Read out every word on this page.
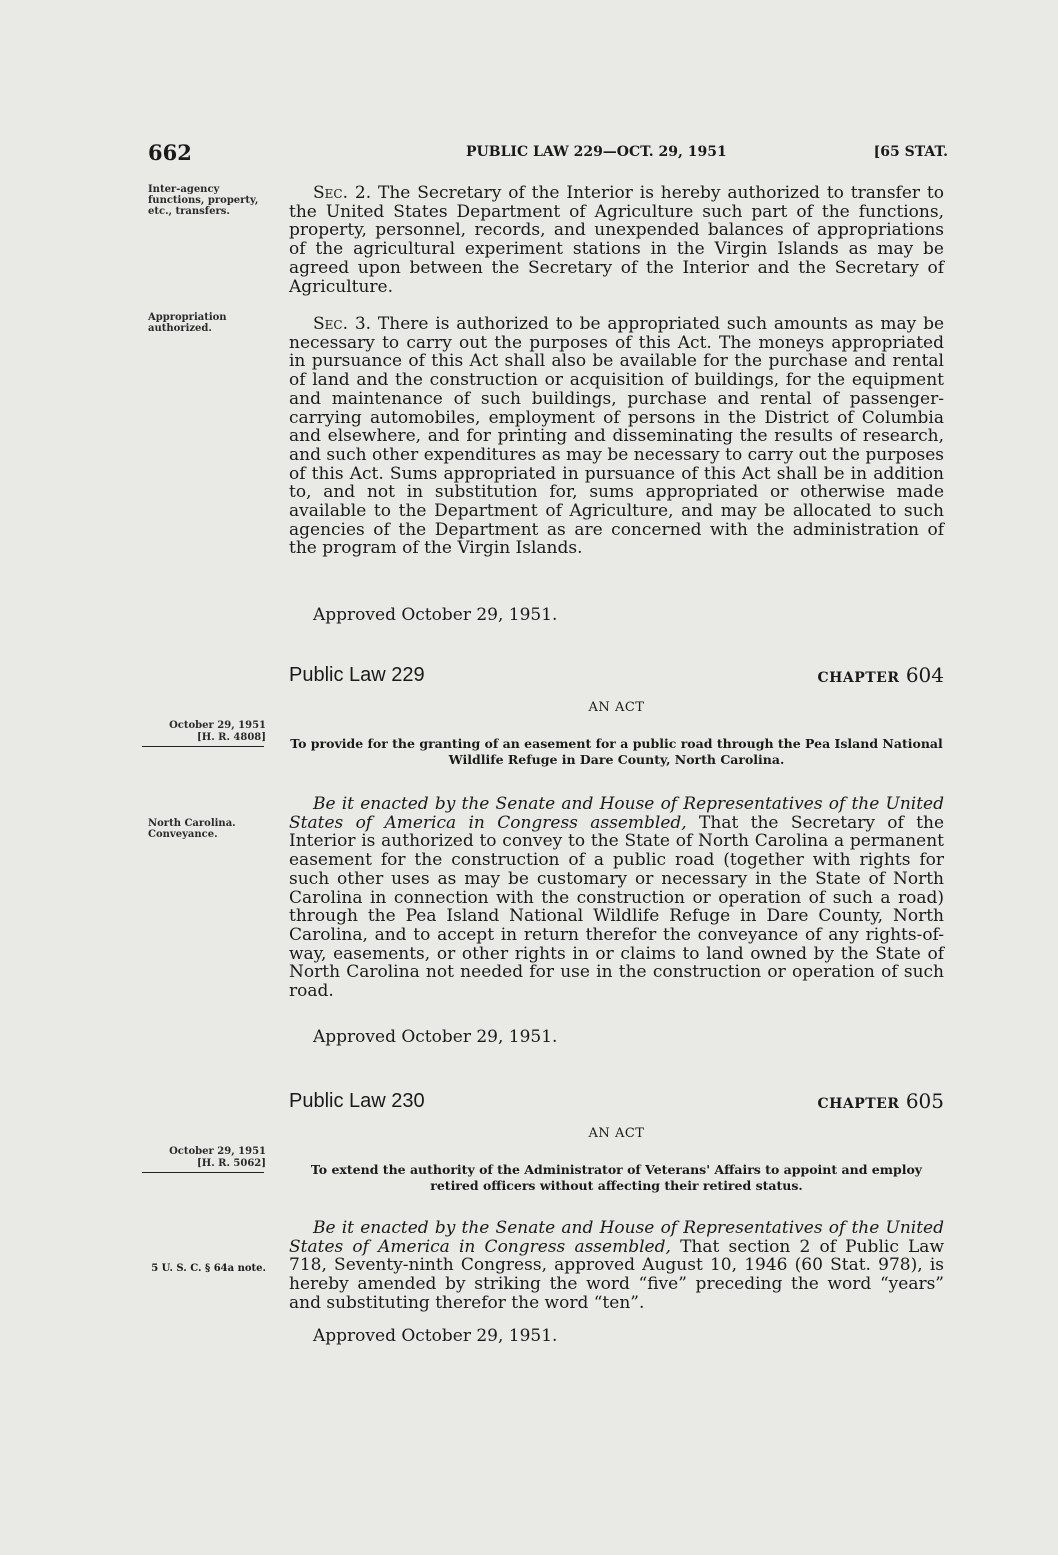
662	PUBLIC LAW 229—OCT. 29, 1951	[65 STAT.
Inter-agency functions, property, etc., transfers.
Appropriation authorized.

Sec. 2. The Secretary of the Interior is hereby authorized to transfer to the United States Department of Agriculture such part of the functions, property, personnel, records, and unexpended balances of appropriations of the agricultural experiment stations in the Virgin Islands as may be agreed upon between the Secretary of the Interior and the Secretary of Agriculture.

Sec. 3. There is authorized to be appropriated such amounts as may be necessary to carry out the purposes of this Act. The moneys appropriated in pursuance of this Act shall also be available for the purchase and rental of land and the construction or acquisition of buildings, for the equipment and maintenance of such buildings, purchase and rental of passenger-carrying automobiles, employment of persons in the District of Columbia and elsewhere, and for printing and disseminating the results of research, and such other expenditures as may be necessary to carry out the purposes of this Act. Sums appropriated in pursuance of this Act shall be in addition to, and not in substitution for, sums appropriated or otherwise made available to the Department of Agriculture, and may be allocated to such agencies of the Department as are concerned with the administration of the program of the Virgin Islands.

Approved October 29, 1951.
Public Law 229	CHAPTER 604
AN ACT
October 29, 1951
[H. R. 4808] To provide for the granting of an easement for a public road through the Pea Island National Wildlife Refuge in Dare County, North Carolina.
North Carolina. Conveyance.

Be it enacted by the Senate and House of Representatives of the United States of America in Congress assembled, That the Secretary of the Interior is authorized to convey to the State of North Carolina a permanent easement for the construction of a public road (together with rights for such other uses as may be customary or necessary in the State of North Carolina in connection with the construction or operation of such a road) through the Pea Island National Wildlife Refuge in Dare County, North Carolina, and to accept in return therefor the conveyance of any rights-of-way, easements, or other rights in or claims to land owned by the State of North Carolina not needed for use in the construction or operation of such road.

Approved October 29, 1951.
Public Law 230	CHAPTER 605
AN ACT
October 29, 1951
[H. R. 5062]	To extend the authority of the Administrator of Veterans' Affairs to appoint and employ retired officers without affecting their retired status.
5 U. S. C. § 64a note.

Be it enacted by the Senate and House of Representatives of the United States of America in Congress assembled, That section 2 of Public Law 718, Seventy-ninth Congress, approved August 10, 1946 (60 Stat. 978), is hereby amended by striking the word “five” preceding the word “years” and substituting therefor the word “ten”.

Approved October 29, 1951.
